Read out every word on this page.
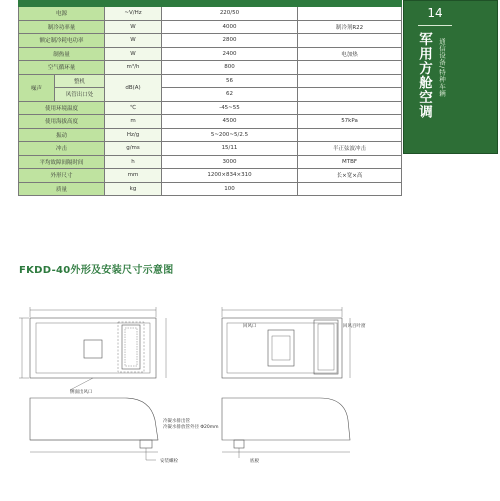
电源		~V/Hz	220/50	
制冷功率量		W	4000	制冷剂R22
额定制冷耗电功率		W	2800	
制热量		W	2400	电加热
空气循环量		m³/h	800	
噪声	整机	dB(A)	56	
	风管出口处		62	
使用环境温度		℃	-45~55	
使用海拔高度		m	4500	57kPa
振动		Hz/g	5~200~5/2.5	
冲击		g/ms	15/11	半正弦波冲击
平均故障间隔时间		h	3000	MTBF
外形尺寸		mm	1200×834×310	长×宽×高
质量		kg	100	
14
军用方舱空调 通信设备/特种车辆
FKDD-40外形及安装尺寸示意图
侧面出风口
回风口	回风百叶窗
冷凝水排出管
冷凝水排放管外径 Φ20mm
安装螺栓	底板
